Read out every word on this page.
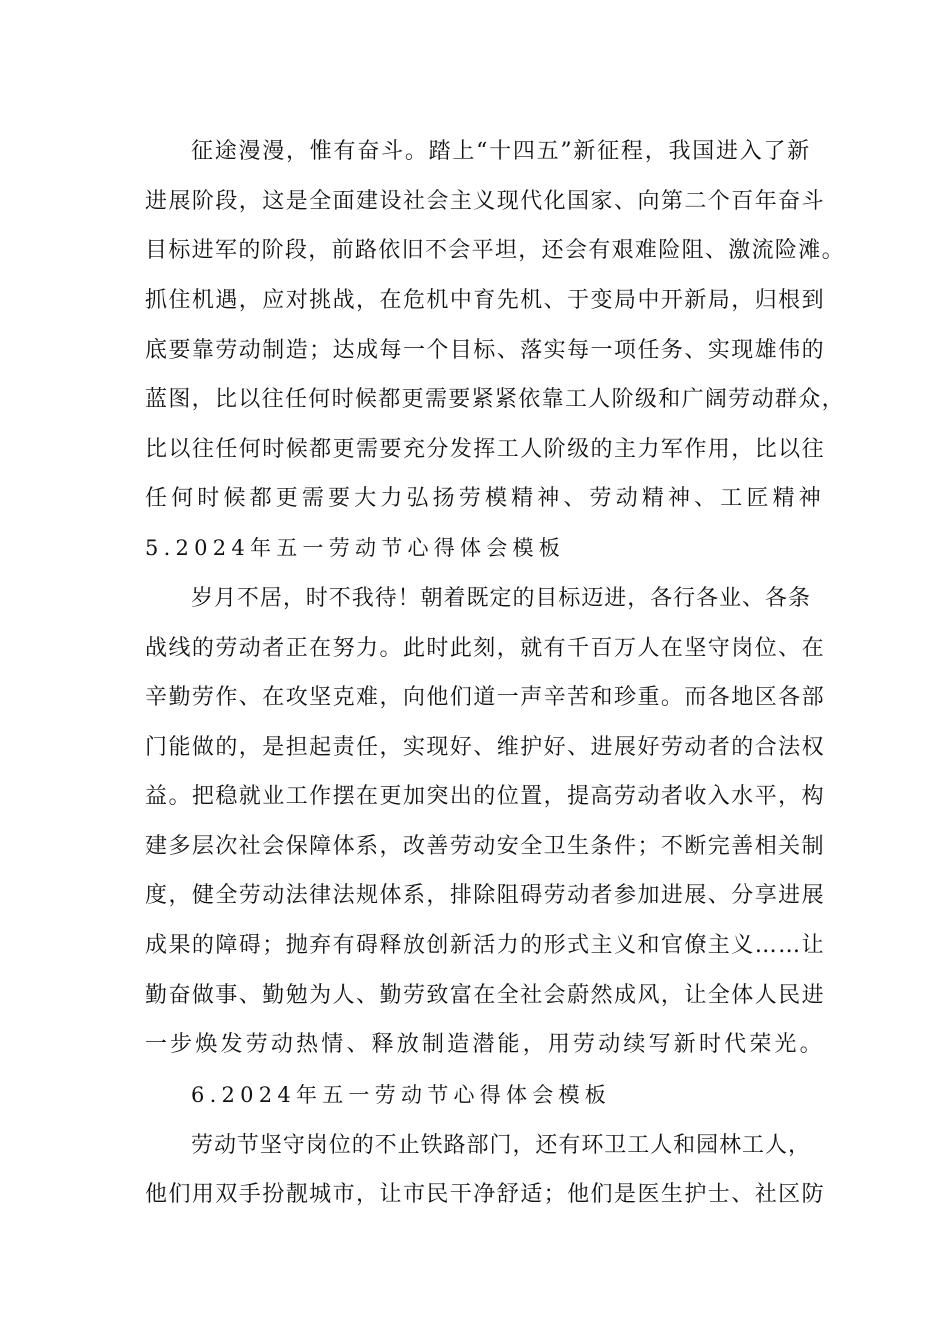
征途漫漫，惟有奋斗。踏上“十四五”新征程，我国进入了新
进展阶段，这是全面建设社会主义现代化国家、向第二个百年奋斗
目标进军的阶段，前路依旧不会平坦，还会有艰难险阻、激流险滩。
抓住机遇，应对挑战，在危机中育先机、于变局中开新局，归根到
底要靠劳动制造；达成每一个目标、落实每一项任务、实现雄伟的
蓝图，比以往任何时候都更需要紧紧依靠工人阶级和广阔劳动群众，
比以往任何时候都更需要充分发挥工人阶级的主力军作用，比以往
任何时候都更需要大力弘扬劳模精神、劳动精神、工匠精神
5.2024年五一劳动节心得体会模板
岁月不居，时不我待！朝着既定的目标迈进，各行各业、各条
战线的劳动者正在努力。此时此刻，就有千百万人在坚守岗位、在
辛勤劳作、在攻坚克难，向他们道一声辛苦和珍重。而各地区各部
门能做的，是担起责任，实现好、维护好、进展好劳动者的合法权
益。把稳就业工作摆在更加突出的位置，提高劳动者收入水平，构
建多层次社会保障体系，改善劳动安全卫生条件；不断完善相关制
度，健全劳动法律法规体系，排除阻碍劳动者参加进展、分享进展
成果的障碍；抛弃有碍释放创新活力的形式主义和官僚主义……让
勤奋做事、勤勉为人、勤劳致富在全社会蔚然成风，让全体人民进
一步焕发劳动热情、释放制造潜能，用劳动续写新时代荣光。
6.2024年五一劳动节心得体会模板
劳动节坚守岗位的不止铁路部门，还有环卫工人和园林工人，
他们用双手扮靓城市，让市民干净舒适；他们是医生护士、社区防
